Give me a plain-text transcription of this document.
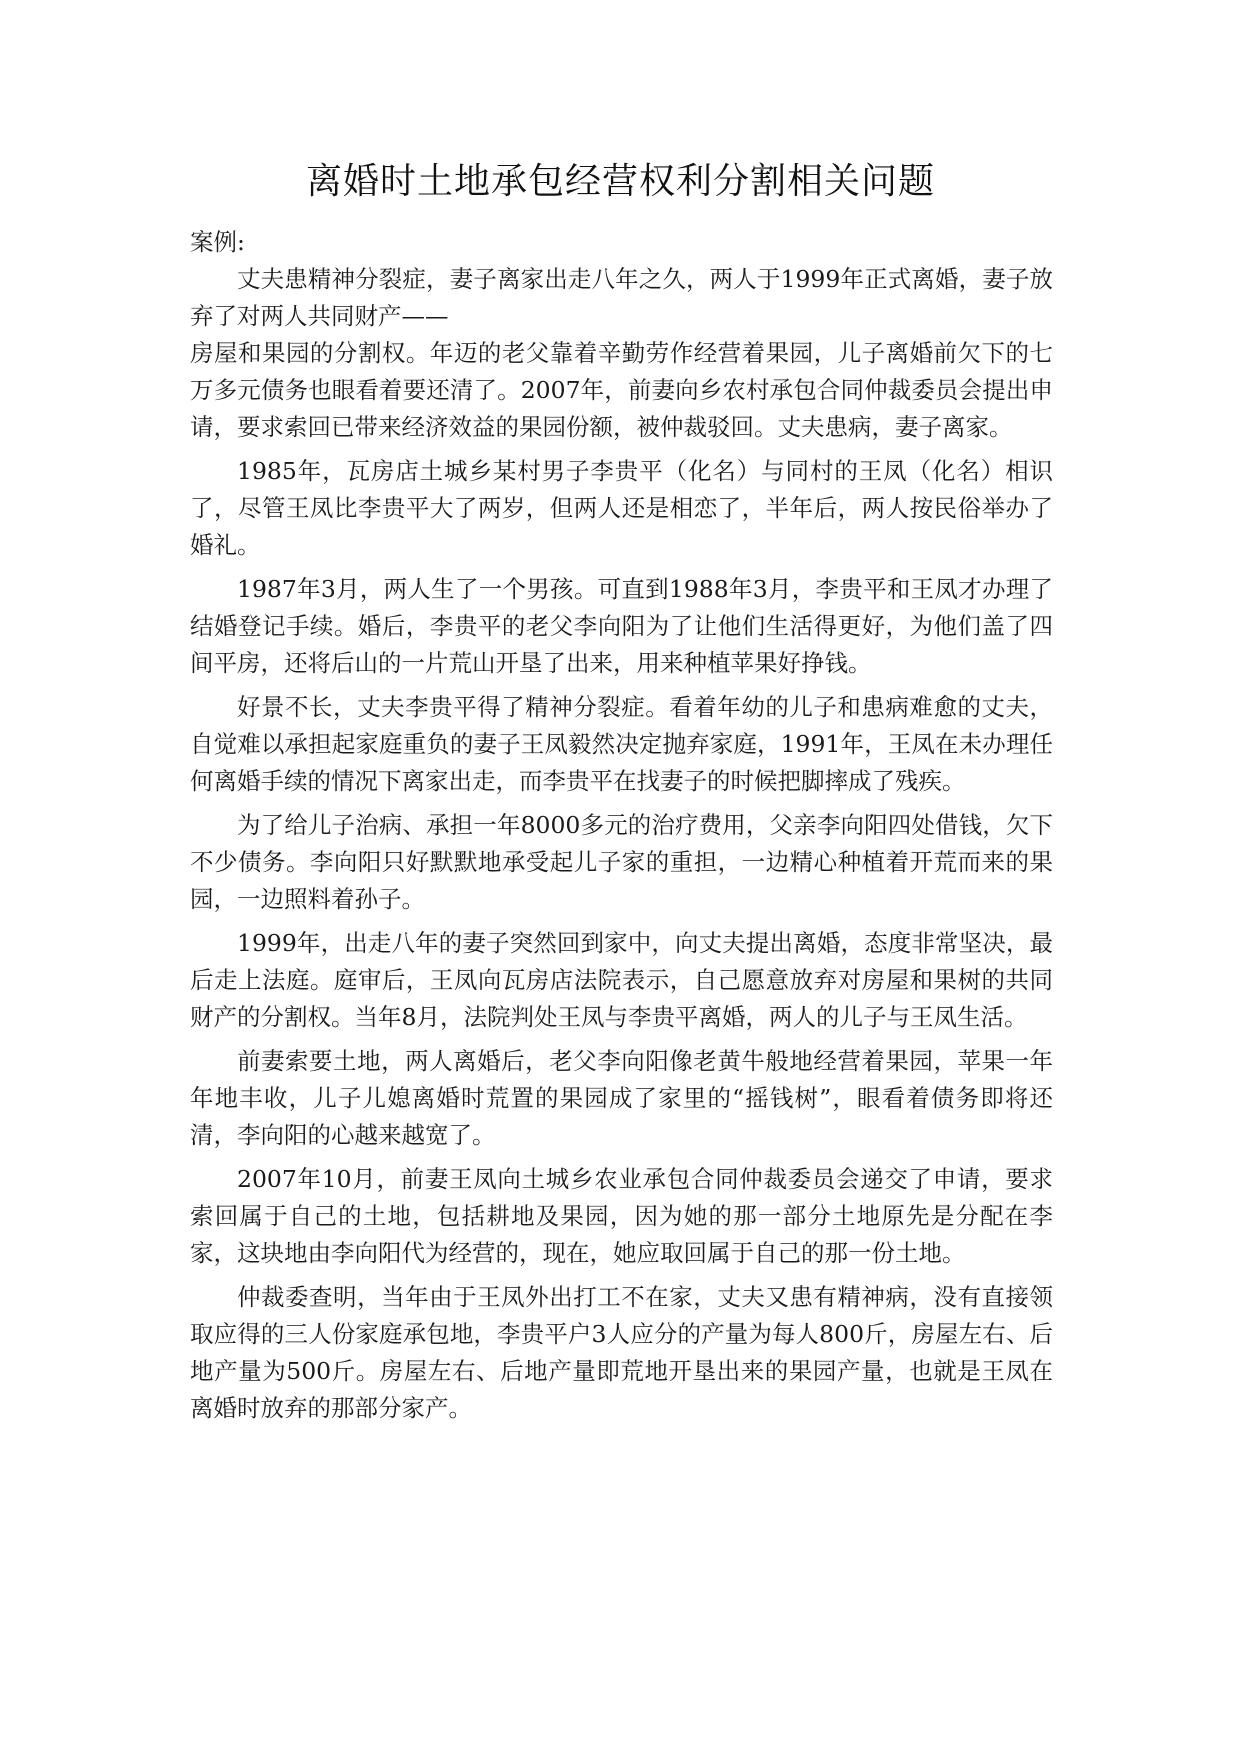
离婚时土地承包经营权利分割相关问题

案例:

丈夫患精神分裂症，妻子离家出走八年之久，两人于1999年正式离婚，妻子放弃了对两人共同财产——

房屋和果园的分割权。年迈的老父靠着辛勤劳作经营着果园，儿子离婚前欠下的七万多元债务也眼看着要还清了。2007年，前妻向乡农村承包合同仲裁委员会提出申请，要求索回已带来经济效益的果园份额，被仲裁驳回。丈夫患病，妻子离家。

1985年，瓦房店土城乡某村男子李贵平（化名）与同村的王凤（化名）相识了，尽管王凤比李贵平大了两岁，但两人还是相恋了，半年后，两人按民俗举办了婚礼。

1987年3月，两人生了一个男孩。可直到1988年3月，李贵平和王凤才办理了结婚登记手续。婚后，李贵平的老父李向阳为了让他们生活得更好，为他们盖了四间平房，还将后山的一片荒山开垦了出来，用来种植苹果好挣钱。

好景不长，丈夫李贵平得了精神分裂症。看着年幼的儿子和患病难愈的丈夫，自觉难以承担起家庭重负的妻子王凤毅然决定抛弃家庭，1991年，王凤在未办理任何离婚手续的情况下离家出走，而李贵平在找妻子的时候把脚摔成了残疾。

为了给儿子治病、承担一年8000多元的治疗费用，父亲李向阳四处借钱，欠下不少债务。李向阳只好默默地承受起儿子家的重担，一边精心种植着开荒而来的果园，一边照料着孙子。

1999年，出走八年的妻子突然回到家中，向丈夫提出离婚，态度非常坚决，最后走上法庭。庭审后，王凤向瓦房店法院表示，自己愿意放弃对房屋和果树的共同财产的分割权。当年8月，法院判处王凤与李贵平离婚，两人的儿子与王凤生活。

前妻索要土地，两人离婚后，老父李向阳像老黄牛般地经营着果园，苹果一年年地丰收，儿子儿媳离婚时荒置的果园成了家里的“摇钱树”，眼看着债务即将还清，李向阳的心越来越宽了。

2007年10月，前妻王凤向土城乡农业承包合同仲裁委员会递交了申请，要求索回属于自己的土地，包括耕地及果园，因为她的那一部分土地原先是分配在李家，这块地由李向阳代为经营的，现在，她应取回属于自己的那一份土地。

仲裁委查明，当年由于王凤外出打工不在家，丈夫又患有精神病，没有直接领取应得的三人份家庭承包地，李贵平户3人应分的产量为每人800斤，房屋左右、后地产量为500斤。房屋左右、后地产量即荒地开垦出来的果园产量，也就是王凤在离婚时放弃的那部分家产。
